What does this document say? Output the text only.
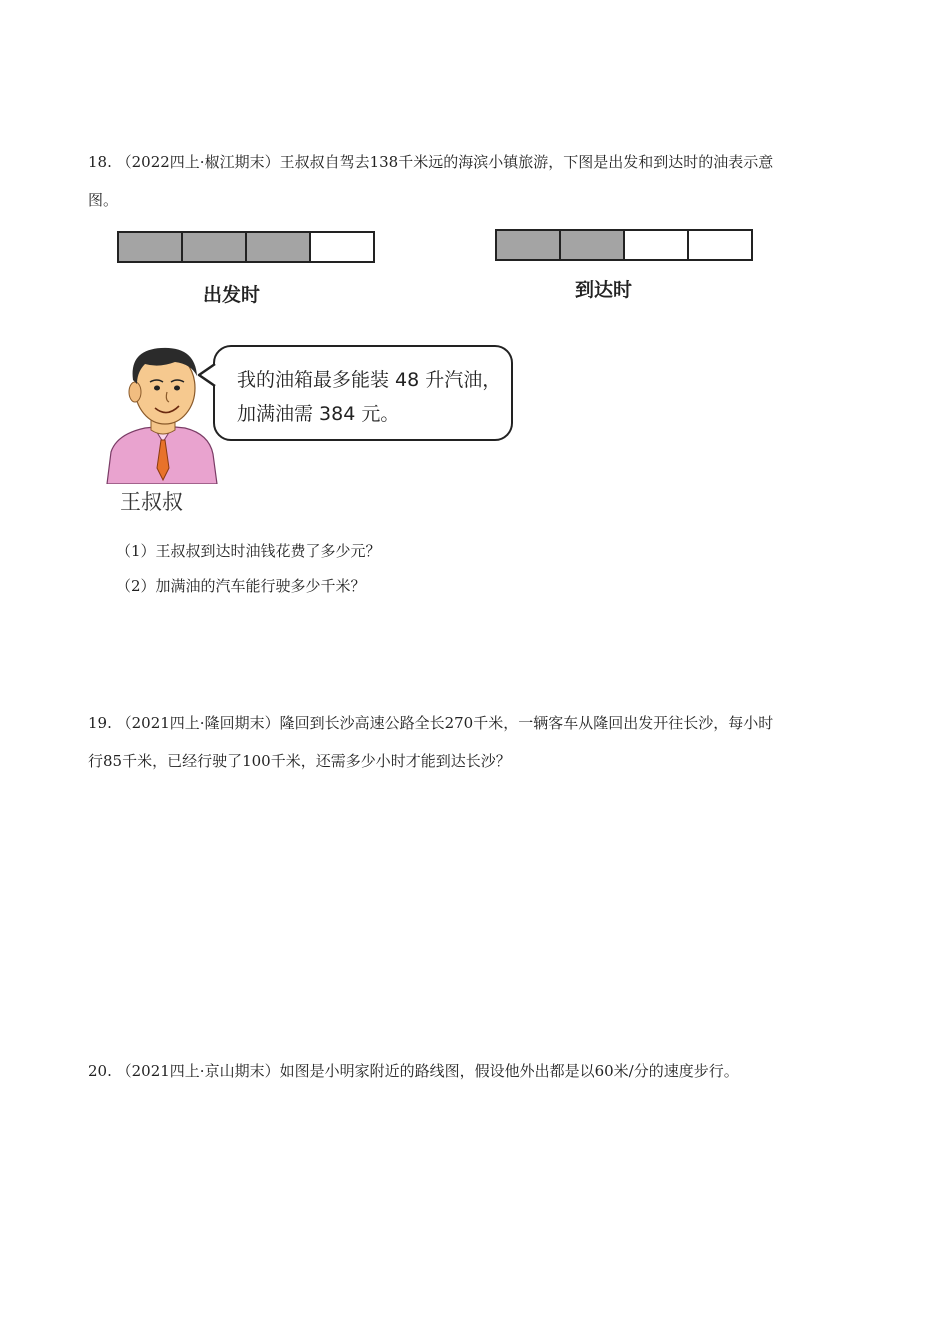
18. （2022四上·椒江期末）王叔叔自驾去138千米远的海滨小镇旅游，下图是出发和到达时的油表示意
图。
出发时	到达时
我的油箱最多能装 48 升汽油，加满油需 384 元。
王叔叔
（1）王叔叔到达时油钱花费了多少元？
（2）加满油的汽车能行驶多少千米？
19. （2021四上·隆回期末）隆回到长沙高速公路全长270千米，一辆客车从隆回出发开往长沙，每小时
行85千米，已经行驶了100千米，还需多少小时才能到达长沙？
20. （2021四上·京山期末）如图是小明家附近的路线图，假设他外出都是以60米/分的速度步行。
